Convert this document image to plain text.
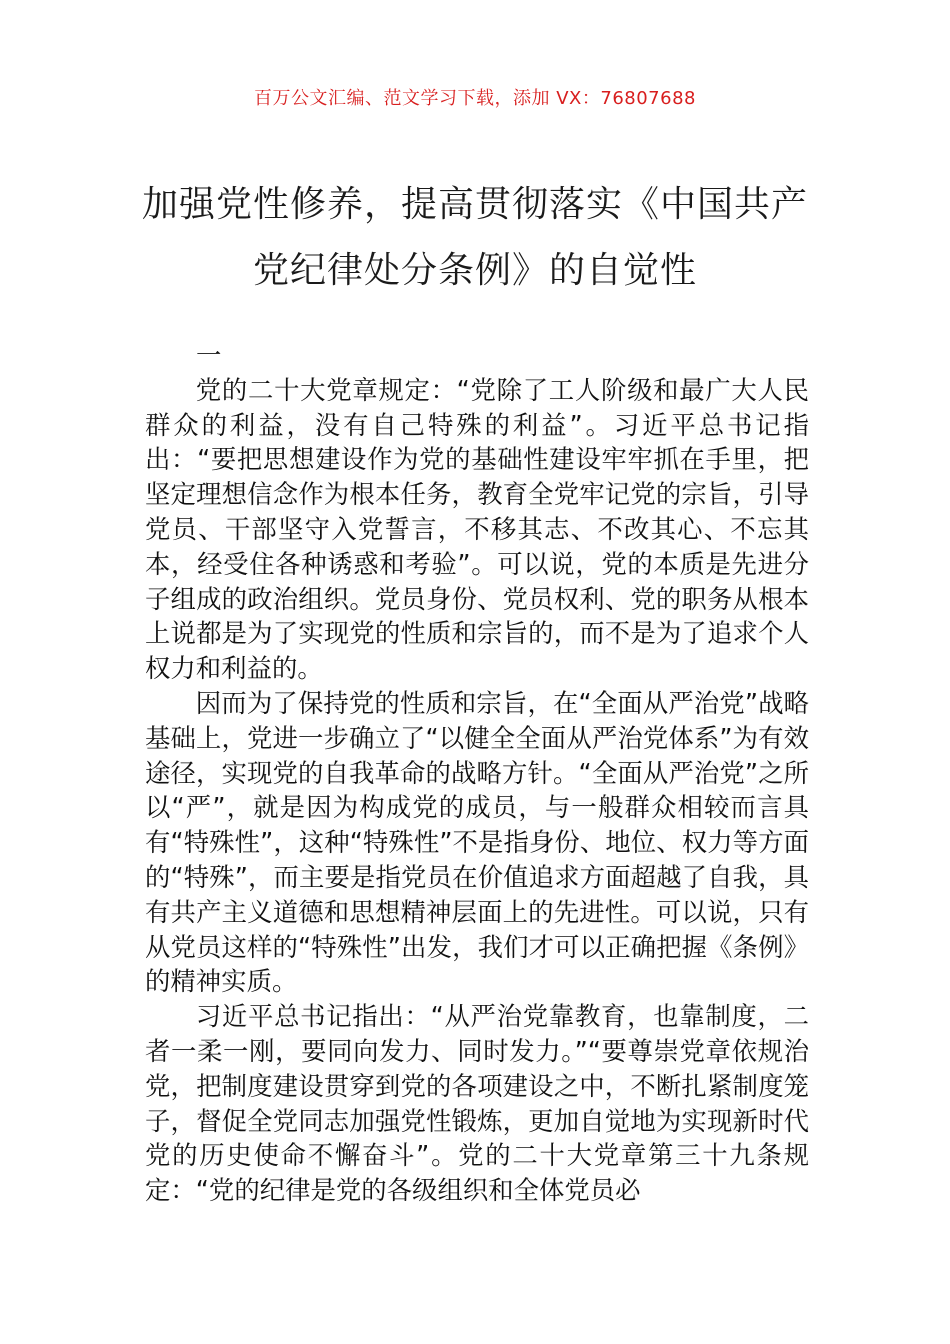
百万公文汇编、范文学习下载，添加 VX：76807688
加强党性修养，提高贯彻落实《中国共产
党纪律处分条例》的自觉性
一

党的二十大党章规定：“党除了工人阶级和最广大人民群众的利益，没有自己特殊的利益”。习近平总书记指出：“要把思想建设作为党的基础性建设牢牢抓在手里，把坚定理想信念作为根本任务，教育全党牢记党的宗旨，引导党员、干部坚守入党誓言，不移其志、不改其心、不忘其本，经受住各种诱惑和考验”。可以说，党的本质是先进分子组成的政治组织。党员身份、党员权利、党的职务从根本上说都是为了实现党的性质和宗旨的，而不是为了追求个人权力和利益的。

因而为了保持党的性质和宗旨，在“全面从严治党”战略基础上，党进一步确立了“以健全全面从严治党体系”为有效途径，实现党的自我革命的战略方针。“全面从严治党”之所以“严”，就是因为构成党的成员，与一般群众相较而言具有“特殊性”，这种“特殊性”不是指身份、地位、权力等方面的“特殊”，而主要是指党员在价值追求方面超越了自我，具有共产主义道德和思想精神层面上的先进性。可以说，只有从党员这样的“特殊性”出发，我们才可以正确把握《条例》的精神实质。

习近平总书记指出：“从严治党靠教育，也靠制度，二者一柔一刚，要同向发力、同时发力。”“要尊崇党章依规治党，把制度建设贯穿到党的各项建设之中，不断扎紧制度笼子，督促全党同志加强党性锻炼，更加自觉地为实现新时代党的历史使命不懈奋斗”。党的二十大党章第三十九条规定：“党的纪律是党的各级组织和全体党员必
